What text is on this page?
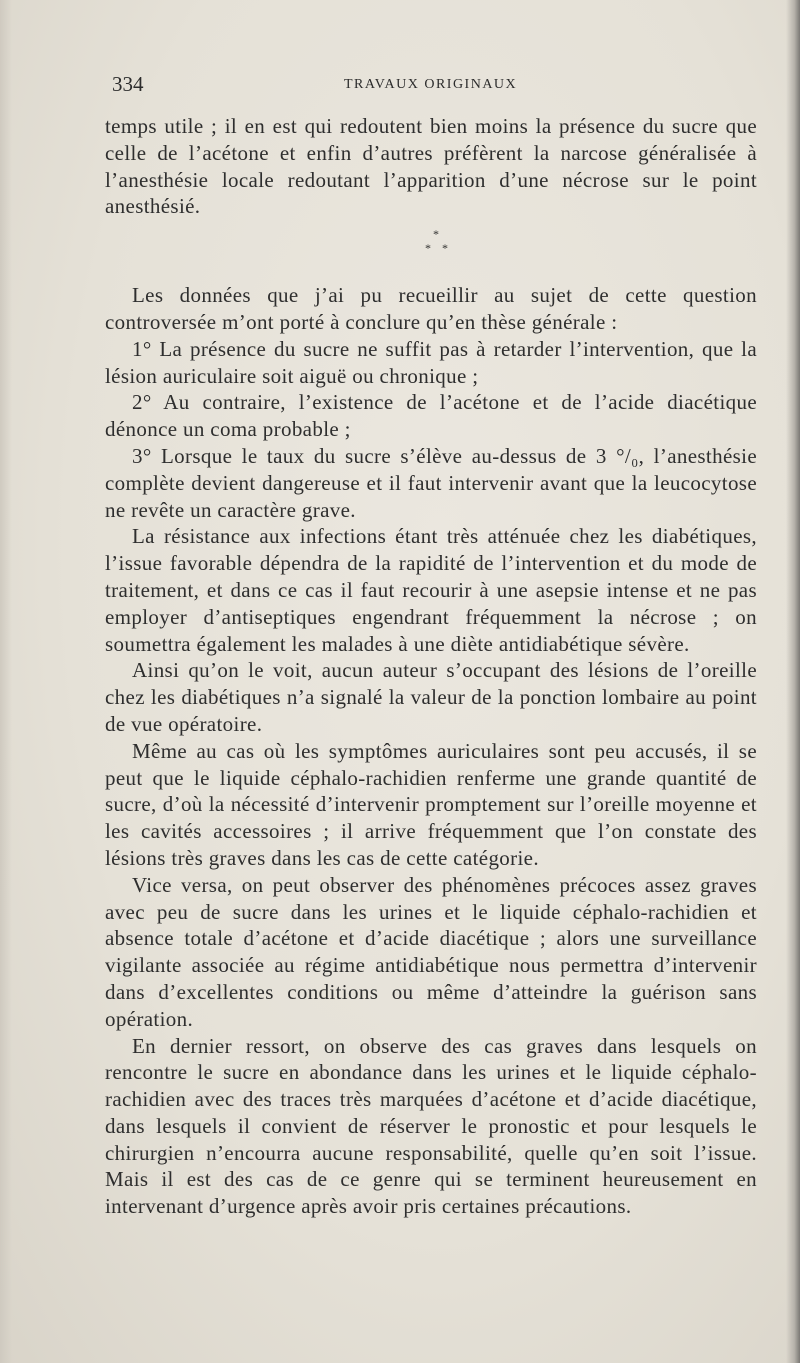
334	TRAVAUX ORIGINAUX

temps utile ; il en est qui redoutent bien moins la présence du sucre que celle de l’acétone et enfin d’autres préfèrent la narcose généralisée à l’anesthésie locale redoutant l’apparition d’une nécrose sur le point anesthésié.

*
* *

Les données que j’ai pu recueillir au sujet de cette question controversée m’ont porté à conclure qu’en thèse générale :

1° La présence du sucre ne suffit pas à retarder l’intervention, que la lésion auriculaire soit aiguë ou chronique ;

2° Au contraire, l’existence de l’acétone et de l’acide diacétique dénonce un coma probable ;

3° Lorsque le taux du sucre s’élève au-dessus de 3 °/₀, l’anesthésie complète devient dangereuse et il faut intervenir avant que la leucocytose ne revête un caractère grave.

La résistance aux infections étant très atténuée chez les diabétiques, l’issue favorable dépendra de la rapidité de l’intervention et du mode de traitement, et dans ce cas il faut recourir à une asepsie intense et ne pas employer d’antiseptiques engendrant fréquemment la nécrose ; on soumettra également les malades à une diète antidiabétique sévère.

Ainsi qu’on le voit, aucun auteur s’occupant des lésions de l’oreille chez les diabétiques n’a signalé la valeur de la ponction lombaire au point de vue opératoire.

Même au cas où les symptômes auriculaires sont peu accusés, il se peut que le liquide céphalo-rachidien renferme une grande quantité de sucre, d’où la nécessité d’intervenir promptement sur l’oreille moyenne et les cavités accessoires ; il arrive fréquemment que l’on constate des lésions très graves dans les cas de cette catégorie.

Vice versa, on peut observer des phénomènes précoces assez graves avec peu de sucre dans les urines et le liquide céphalo-rachidien et absence totale d’acétone et d’acide diacétique ; alors une surveillance vigilante associée au régime antidiabétique nous permettra d’intervenir dans d’excellentes conditions ou même d’atteindre la guérison sans opération.

En dernier ressort, on observe des cas graves dans lesquels on rencontre le sucre en abondance dans les urines et le liquide céphalo-rachidien avec des traces très marquées d’acétone et d’acide diacétique, dans lesquels il convient de réserver le pronostic et pour lesquels le chirurgien n’encourra aucune responsabilité, quelle qu’en soit l’issue. Mais il est des cas de ce genre qui se terminent heureusement en intervenant d’urgence après avoir pris certaines précautions.
